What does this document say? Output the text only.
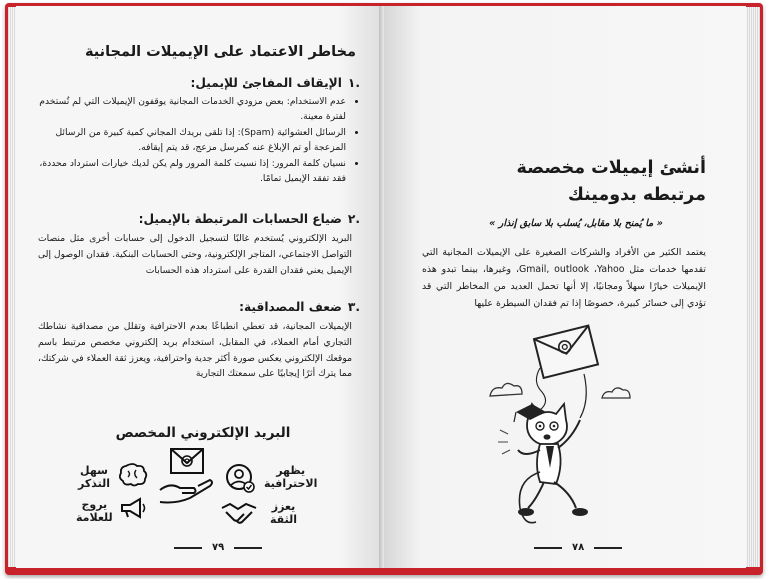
مخاطر الاعتماد على الإيميلات المجانية
.١الإيقاف المفاجئ للإيميل:
• عدم الاستخدام: بعض مزودي الخدمات المجانية يوقفون الإيميلات التي لم تُستخدم لفترة معينة.
• الرسائل العشوائية (Spam): إذا تلقى بريدك المجاني كمية كبيرة من الرسائل المزعجة أو تم الإبلاغ عنه كمرسل مزعج، قد يتم إيقافه.
• نسيان كلمة المرور: إذا نسيت كلمة المرور ولم يكن لديك خيارات استرداد محددة، فقد تفقد الإيميل تمامًا.
.٢ضياع الحسابات المرتبطة بالإيميل:
البريد الإلكتروني يُستخدم غالبًا لتسجيل الدخول إلى حسابات أخرى مثل منصات التواصل الاجتماعي، المتاجر الإلكترونية، وحتى الحسابات البنكية. فقدان الوصول إلى الإيميل يعني فقدان القدرة على استرداد هذه الحسابات
.٣ضعف المصداقية:
الإيميلات المجانية، قد تعطي انطباعًا بعدم الاحترافية وتقلل من مصداقية نشاطك التجاري أمام العملاء، في المقابل، استخدام بريد إلكتروني مخصص مرتبط باسم موقعك الإلكتروني يعكس صورة أكثر جدية واحترافية، ويعزز ثقة العملاء في شركتك، مما يترك أثرًا إيجابيًا على سمعتك التجارية
البريد الإلكتروني المخصص
يظهر
الاحترافية
يعزز
الثقة
سهل
التذكر
يروج
للعلامة
٧٩
أنشئ إيميلات مخصصة
مرتبطه بدومينك
« ما يُمنح بلا مقابل، يُسلب بلا سابق إنذار »
يعتمد الكثير من الأفراد والشركات الصغيرة على الإيميلات المجانية التي تقدمها خدمات مثل Gmail, outlook ،Yahoo، وغيرها، بينما تبدو هذه الإيميلات خيارًا سهلاً ومجانيًا، إلا أنها تحمل العديد من المخاطر التي قد تؤدي إلى خسائر كبيرة، خصوصًا إذا تم فقدان السيطرة عليها
٧٨
